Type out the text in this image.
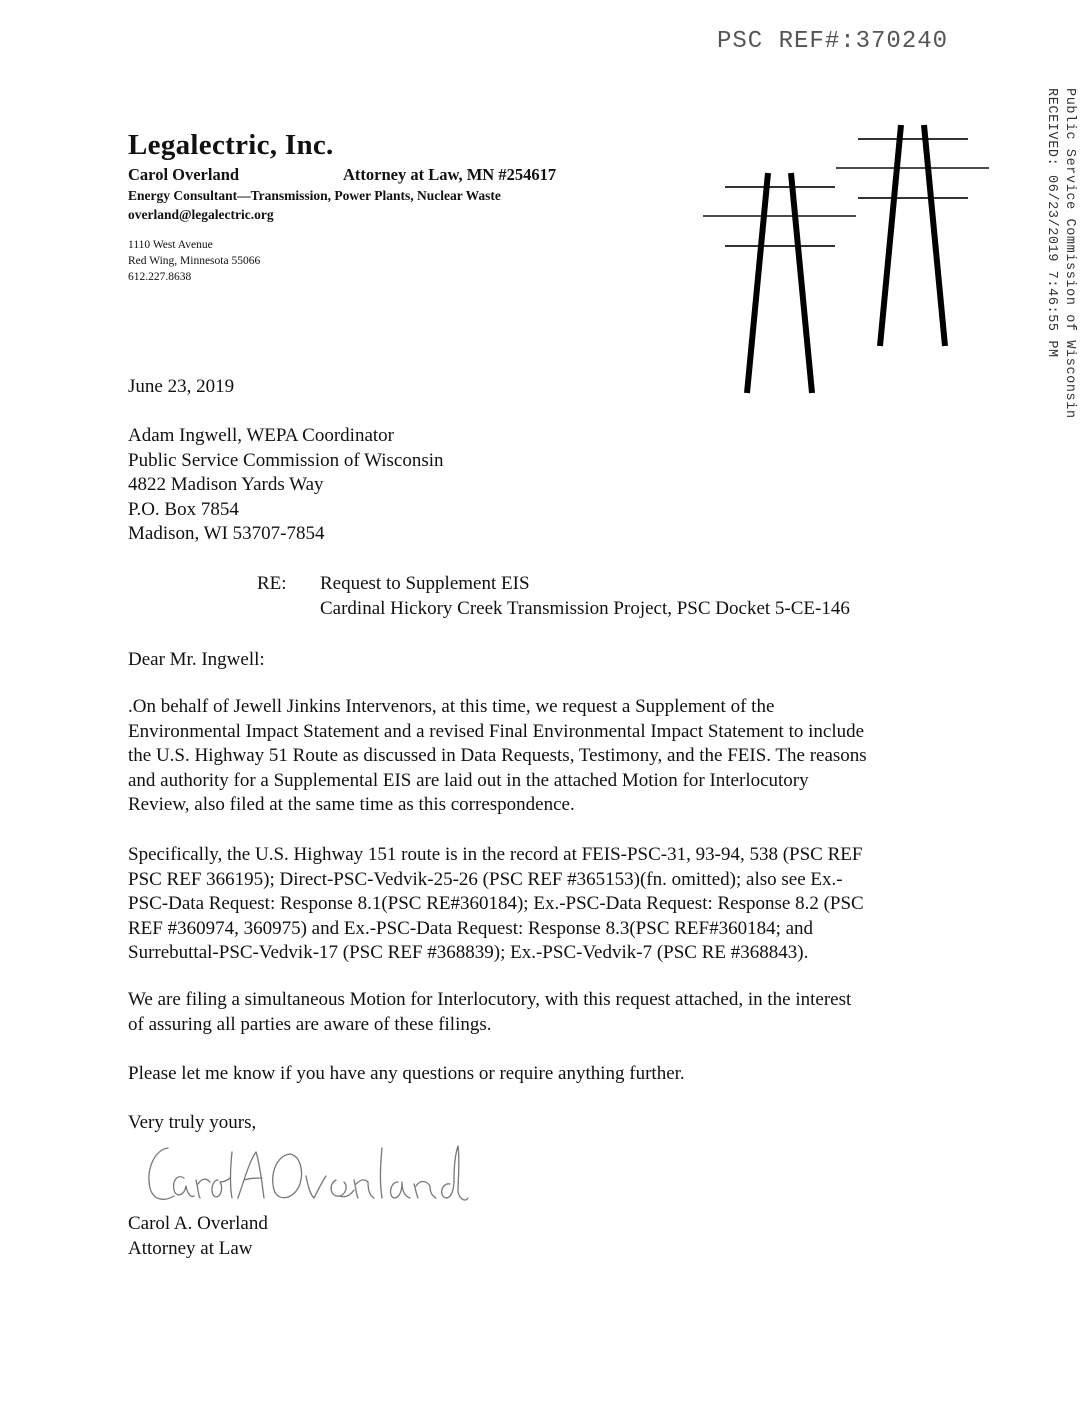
PSC REF#:370240
Public Service Commission of Wisconsin
RECEIVED: 06/23/2019 7:46:55 PM
Legalectric, Inc.
Carol Overland	Attorney at Law, MN #254617
Energy Consultant—Transmission, Power Plants, Nuclear Waste
overland@legalectric.org
1110 West Avenue
Red Wing, Minnesota 55066
612.227.8638
June 23, 2019
Adam Ingwell, WEPA Coordinator
Public Service Commission of Wisconsin
4822 Madison Yards Way
P.O. Box 7854
Madison, WI 53707-7854
RE:	Request to Supplement EIS
Cardinal Hickory Creek Transmission Project, PSC Docket 5-CE-146
Dear Mr. Ingwell:
.On behalf of Jewell Jinkins Intervenors, at this time, we request a Supplement of the
Environmental Impact Statement and a revised Final Environmental Impact Statement to include
the U.S. Highway 51 Route as discussed in Data Requests, Testimony, and the FEIS. The reasons
and authority for a Supplemental EIS are laid out in the attached Motion for Interlocutory
Review, also filed at the same time as this correspondence.
Specifically, the U.S. Highway 151 route is in the record at FEIS-PSC-31, 93-94, 538 (PSC REF
PSC REF 366195); Direct-PSC-Vedvik-25-26 (PSC REF #365153)(fn. omitted); also see Ex.-
PSC-Data Request: Response 8.1(PSC RE#360184); Ex.-PSC-Data Request: Response 8.2 (PSC
REF #360974, 360975) and Ex.-PSC-Data Request: Response 8.3(PSC REF#360184; and
Surrebuttal-PSC-Vedvik-17 (PSC REF #368839); Ex.-PSC-Vedvik-7 (PSC RE #368843).
We are filing a simultaneous Motion for Interlocutory, with this request attached, in the interest
of assuring all parties are aware of these filings.
Please let me know if you have any questions or require anything further.
Very truly yours,
Carol A. Overland
Attorney at Law
